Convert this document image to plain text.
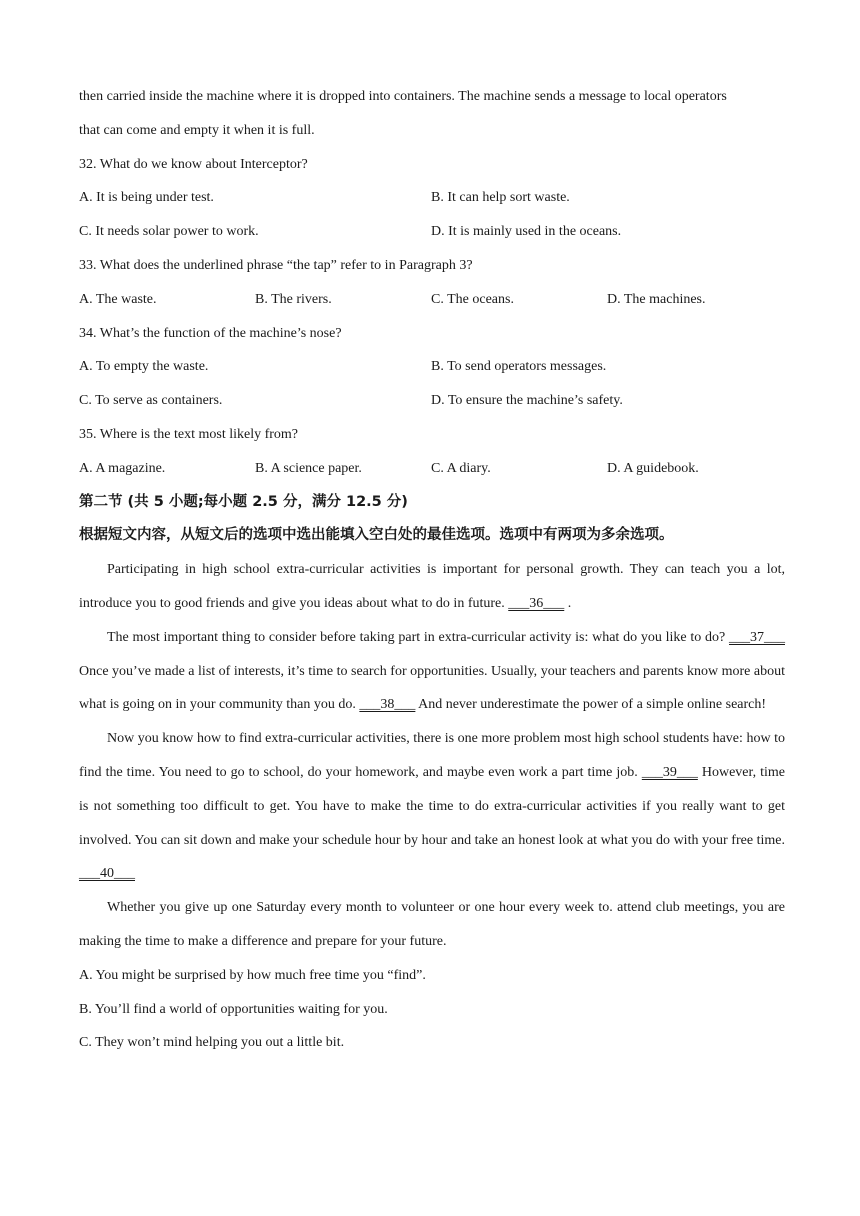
then carried inside the machine where it is dropped into containers. The machine sends a message to local operators
that can come and empty it when it is full.
32. What do we know about Interceptor?
A. It is being under test.	B. It can help sort waste.
C. It needs solar power to work.	D. It is mainly used in the oceans.
33. What does the underlined phrase “the tap” refer to in Paragraph 3?
A. The waste.	B. The rivers.	C. The oceans.	D. The machines.
34. What’s the function of the machine’s nose?
A. To empty the waste.	B. To send operators messages.
C. To serve as containers.	D. To ensure the machine’s safety.
35. Where is the text most likely from?
A. A magazine.	B. A science paper.	C. A diary.	D. A guidebook.
第二节 (共 5 小题;每小题 2.5 分，满分 12.5 分)
根据短文内容，从短文后的选项中选出能填入空白处的最佳选项。选项中有两项为多余选项。
Participating in high school extra-curricular activities is important for personal growth. They can teach you a lot, introduce you to good friends and give you ideas about what to do in future. ___36___ .
The most important thing to consider before taking part in extra-curricular activity is: what do you like to do? ___37___ Once you’ve made a list of interests, it’s time to search for opportunities. Usually, your teachers and parents know more about what is going on in your community than you do. ___38___ And never underestimate the power of a simple online search!
Now you know how to find extra-curricular activities, there is one more problem most high school students have: how to find the time. You need to go to school, do your homework, and maybe even work a part time job. ___39___ However, time is not something too difficult to get. You have to make the time to do extra-curricular activities if you really want to get involved. You can sit down and make your schedule hour by hour and take an honest look at what you do with your free time. ___40___
Whether you give up one Saturday every month to volunteer or one hour every week to. attend club meetings, you are making the time to make a difference and prepare for your future.
A. You might be surprised by how much free time you “find”.
B. You’ll find a world of opportunities waiting for you.
C. They won’t mind helping you out a little bit.
